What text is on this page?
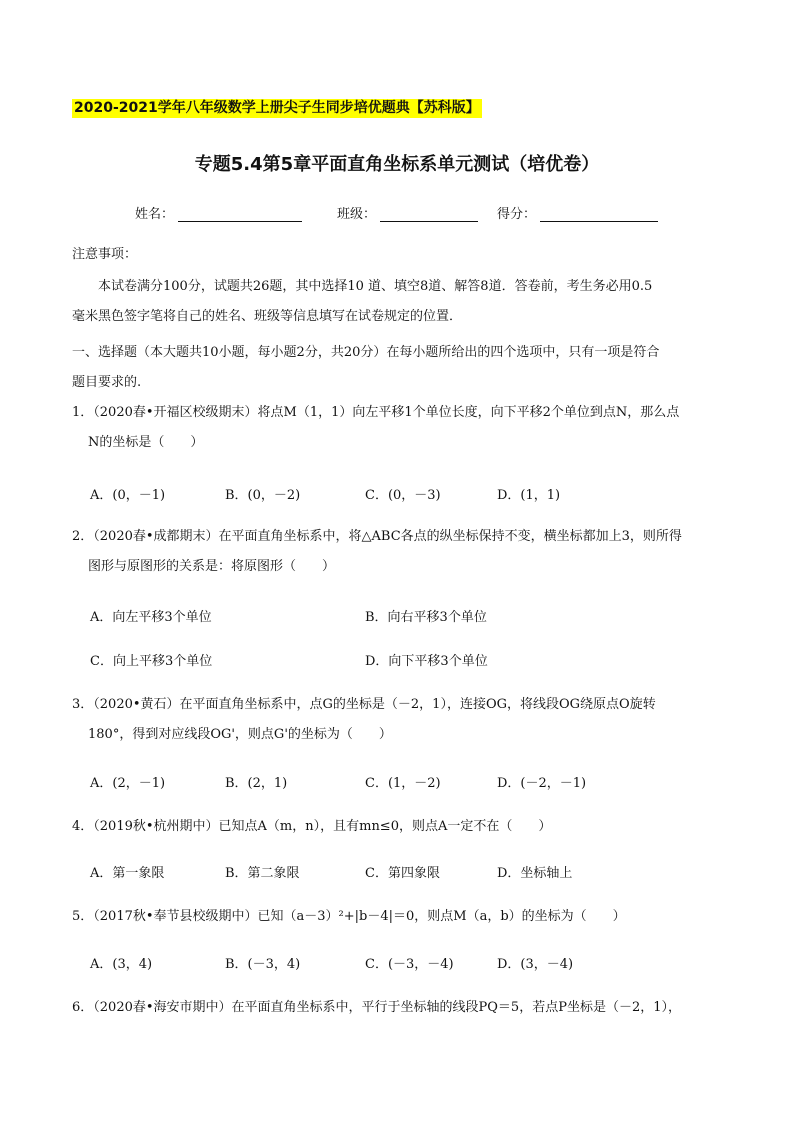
2020-2021学年八年级数学上册尖子生同步培优题典【苏科版】
专题5.4第5章平面直角坐标系单元测试（培优卷）
姓名：	班级：	得分：
注意事项：

本试卷满分100分，试题共26题，其中选择10 道、填空8道、解答8道．答卷前，考生务必用0.5

毫米黑色签字笔将自己的姓名、班级等信息填写在试卷规定的位置．

一、选择题（本大题共10小题，每小题2分，共20分）在每小题所给出的四个选项中，只有一项是符合

题目要求的.

1．（2020春•开福区校级期末）将点M（1，1）向左平移1个单位长度，向下平移2个单位到点N，那么点
N的坐标是（　　）
A．(0，－1)	B．(0，－2)	C．(0，－3)	D．(1，1)
2．（2020春•成都期末）在平面直角坐标系中，将△ABC各点的纵坐标保持不变，横坐标都加上3，则所得
图形与原图形的关系是：将原图形（　　）
A．向左平移3个单位	B．向右平移3个单位
C．向上平移3个单位	D．向下平移3个单位
3．（2020•黄石）在平面直角坐标系中，点G的坐标是（－2，1），连接OG，将线段OG绕原点O旋转
180°，得到对应线段OG'，则点G'的坐标为（　　）
A．(2，－1)	B．(2，1)	C．(1，－2)	D．(－2，－1)
4．（2019秋•杭州期中）已知点A（m，n），且有mn≤0，则点A一定不在（　　）
A．第一象限	B．第二象限	C．第四象限	D．坐标轴上
5．（2017秋•奉节县校级期中）已知（a－3）²+|b－4|＝0，则点M（a，b）的坐标为（　　）
A．(3，4)	B．(－3，4)	C．(－3，－4)	D．(3，－4)
6．（2020春•海安市期中）在平面直角坐标系中，平行于坐标轴的线段PQ＝5，若点P坐标是（－2，1），
